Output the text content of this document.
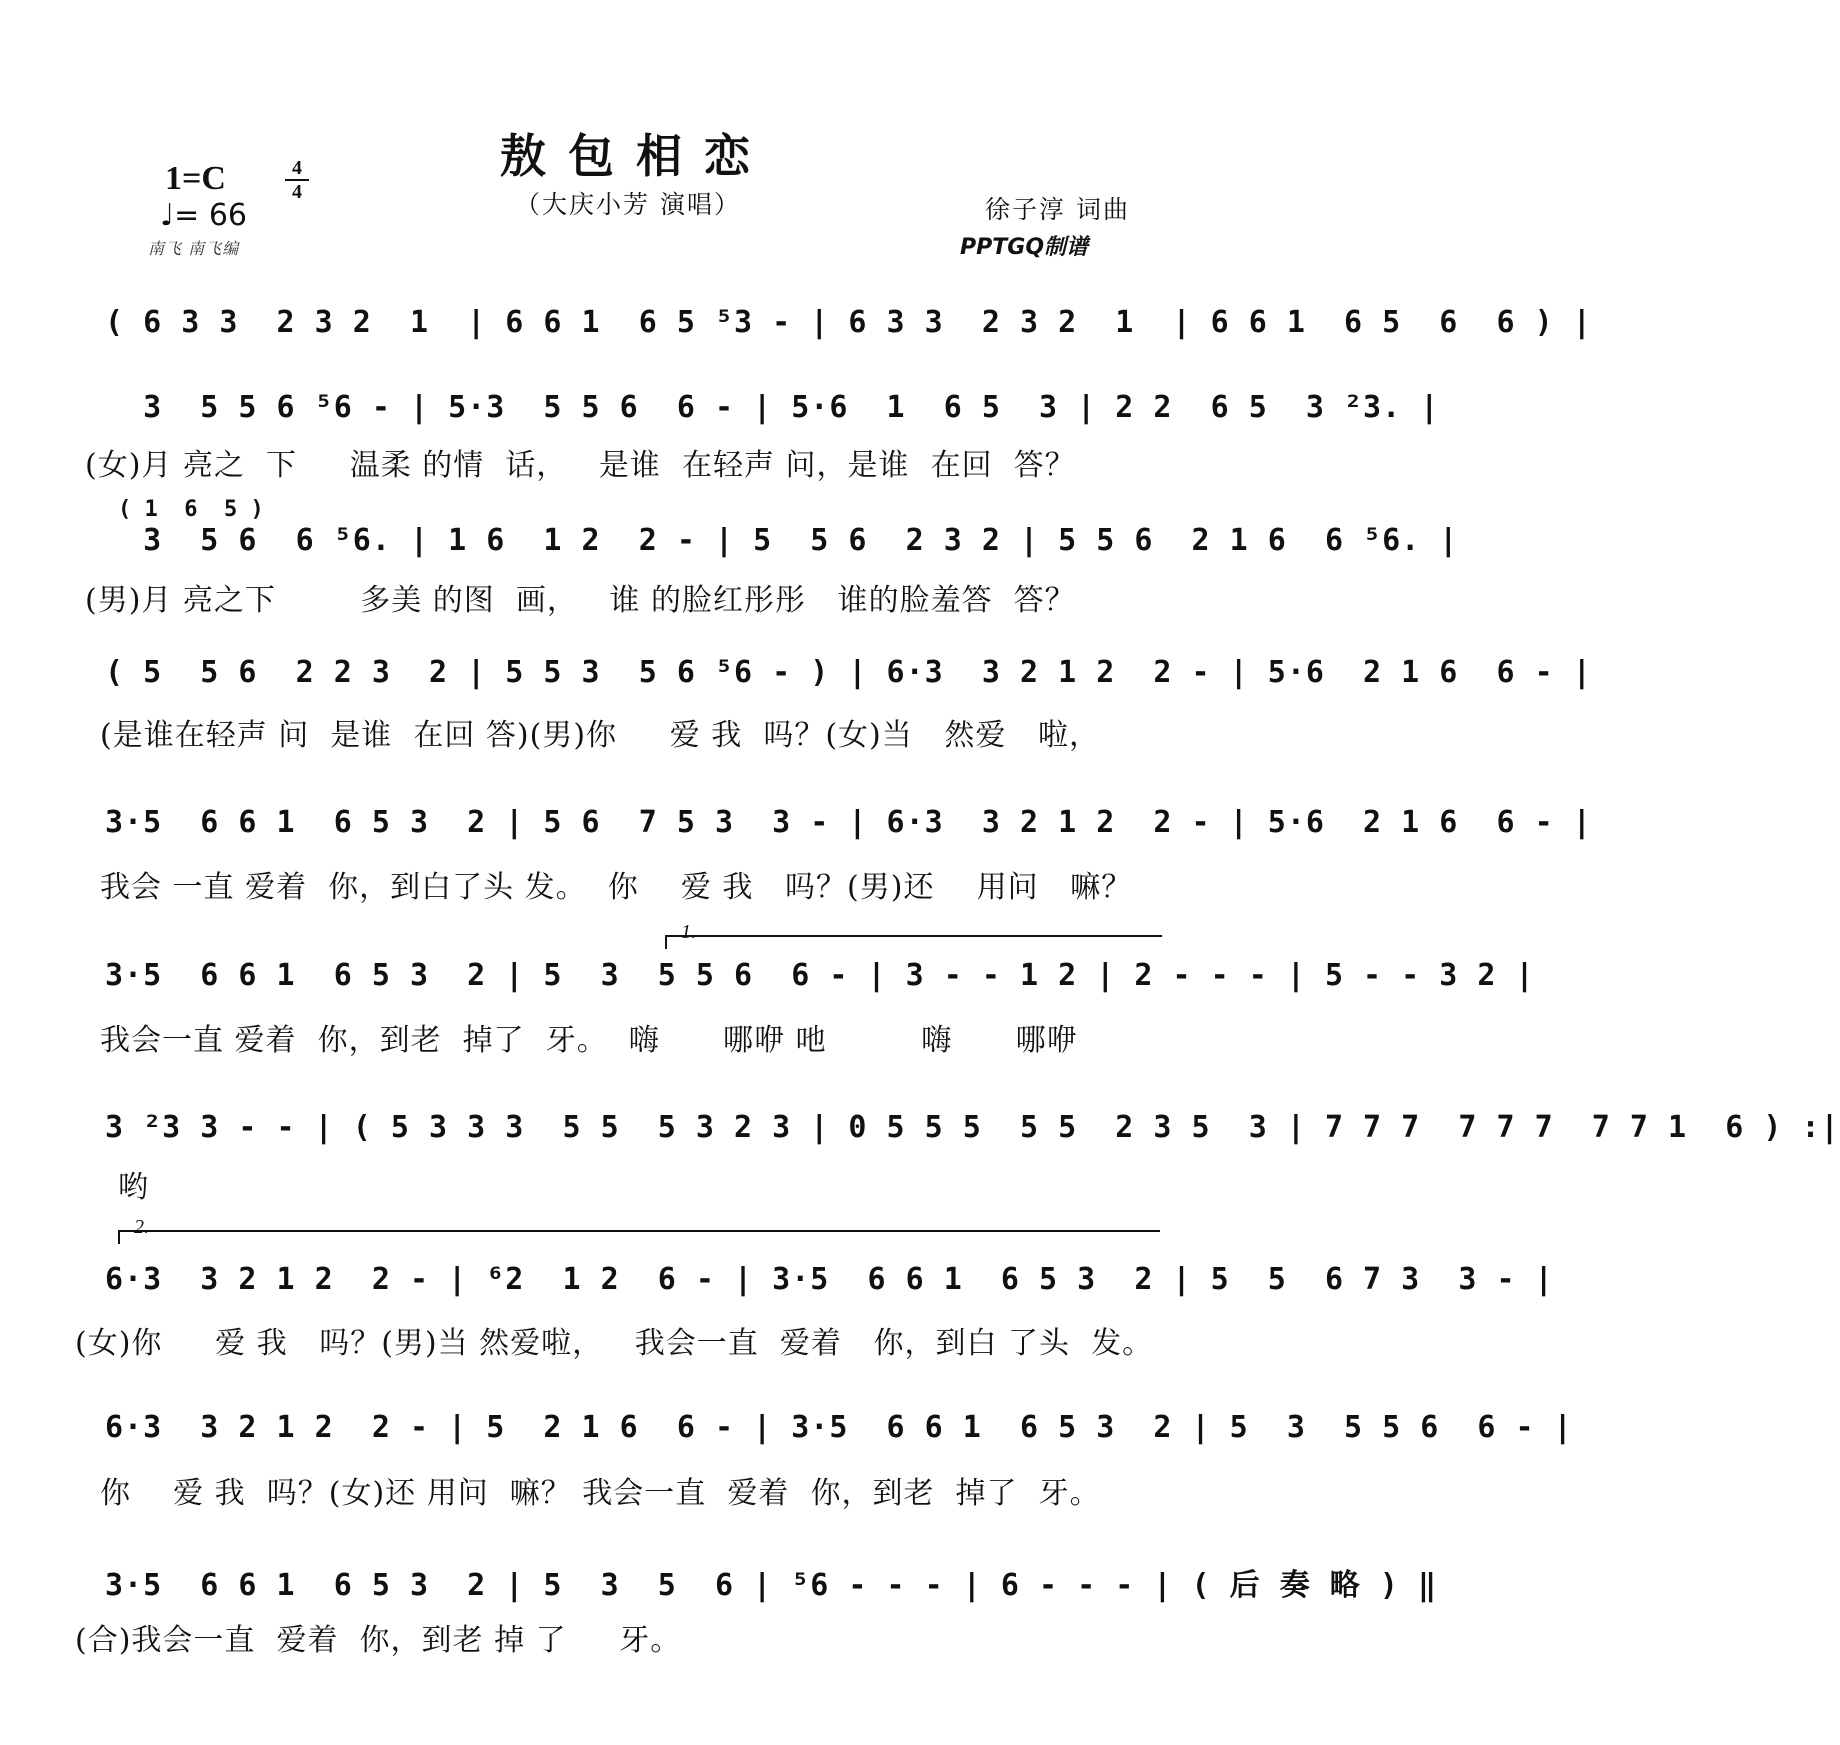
敖包相恋
1=C	4
4	（大庆小芳 演唱）
♩= 66
南飞 南飞编
徐子淳 词曲
PPTGQ制谱
( 6 3 3  2 3 2  1  | 6 6 1  6 5 ⁵3 - | 6 3 3  2 3 2  1  | 6 6 1  6 5  6  6 ) |
3  5 5 6 ⁵6 - | 5·3  5 5 6  6 - | 5·6  1  6 5  3 | 2 2  6 5  3 ²3. |
(女)月 亮之  下     温柔 的情  话，   是谁  在轻声 问，是谁  在回  答？
( 1  6  5 )
3  5 6  6 ⁵6. | 1 6  1 2  2 - | 5  5 6  2 3 2 | 5 5 6  2 1 6  6 ⁵6. |
(男)月 亮之下        多美 的图  画，   谁 的脸红彤彤   谁的脸羞答  答？
( 5  5 6  2 2 3  2 | 5 5 3  5 6 ⁵6 - ) | 6·3  3 2 1 2  2 - | 5·6  2 1 6  6 - |
(是谁在轻声 问  是谁  在回 答)(男)你     爱 我  吗？(女)当   然爱   啦，
3·5  6 6 1  6 5 3  2 | 5 6  7 5 3  3 - | 6·3  3 2 1 2  2 - | 5·6  2 1 6  6 - |
我会 一直 爱着  你，到白了头 发。  你    爱 我   吗？(男)还    用问   嘛？
1.
3·5  6 6 1  6 5 3  2 | 5  3  5 5 6  6 - | 3 - - 1 2 | 2 - - - | 5 - - 3 2 |
我会一直 爱着  你，到老  掉了  牙。  嗨      哪咿 吔         嗨      哪咿
3 ²3 3 - - | ( 5 3 3 3  5 5  5 3 2 3 | 0 5 5 5  5 5  2 3 5  3 | 7 7 7  7 7 7  7 7 1  6 ) :|
哟
2.
6·3  3 2 1 2  2 - | ⁶2  1 2  6 - | 3·5  6 6 1  6 5 3  2 | 5  5  6 7 3  3 - |
(女)你     爱 我   吗？(男)当 然爱啦，   我会一直  爱着   你，到白 了头  发。
6·3  3 2 1 2  2 - | 5  2 1 6  6 - | 3·5  6 6 1  6 5 3  2 | 5  3  5 5 6  6 - |
你    爱 我  吗？(女)还 用问  嘛？ 我会一直  爱着  你，到老  掉了  牙。
3·5  6 6 1  6 5 3  2 | 5  3  5  6 | ⁵6 - - - | 6 - - - | ( 后 奏 略 ) ‖
(合)我会一直  爱着  你，到老 掉 了     牙。
